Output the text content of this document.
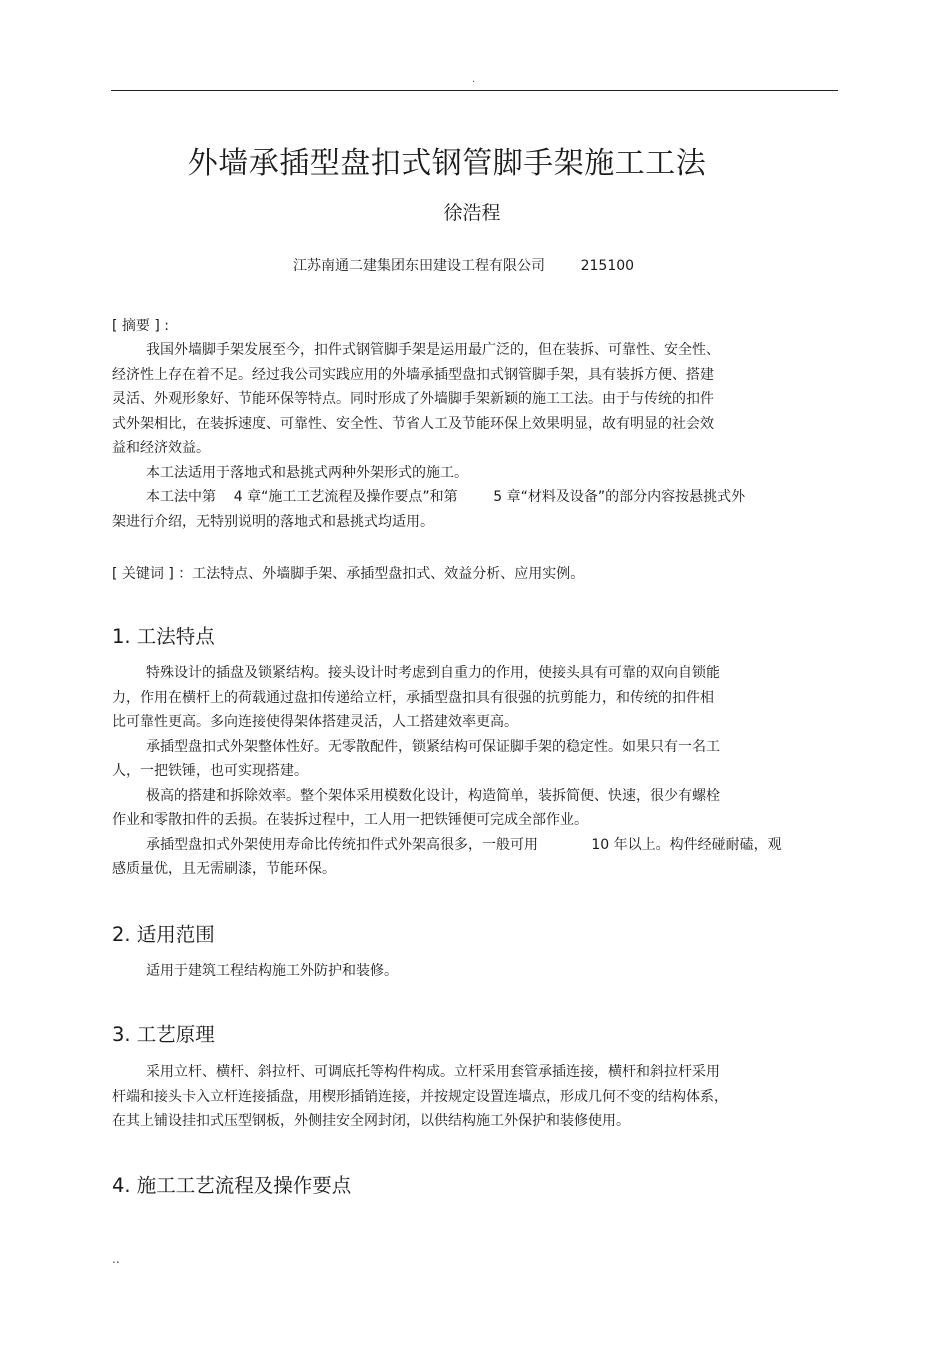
.
外墙承插型盘扣式钢管脚手架施工工法
徐浩程
江苏南通二建集团东田建设工程有限公司	215100
[ 摘要 ] :
我国外墙脚手架发展至今，扣件式钢管脚手架是运用最广泛的，但在装拆、可靠性、安全性、
经济性上存在着不足。经过我公司实践应用的外墙承插型盘扣式钢管脚手架，具有装拆方便、搭建
灵活、外观形象好、节能环保等特点。同时形成了外墙脚手架新颖的施工工法。由于与传统的扣件
式外架相比，在装拆速度、可靠性、安全性、节省人工及节能环保上效果明显，故有明显的社会效
益和经济效益。
本工法适用于落地式和悬挑式两种外架形式的施工。
本工法中第    4 章“施工工艺流程及操作要点”和第        5 章“材料及设备”的部分内容按悬挑式外
架进行介绍，无特别说明的落地式和悬挑式均适用。
[ 关键词 ] ：工法特点、外墙脚手架、承插型盘扣式、效益分析、应用实例。
1. 工法特点
特殊设计的插盘及锁紧结构。接头设计时考虑到自重力的作用，使接头具有可靠的双向自锁能
力，作用在横杆上的荷载通过盘扣传递给立杆，承插型盘扣具有很强的抗剪能力，和传统的扣件相
比可靠性更高。多向连接使得架体搭建灵活，人工搭建效率更高。
承插型盘扣式外架整体性好。无零散配件，锁紧结构可保证脚手架的稳定性。如果只有一名工
人，一把铁锤，也可实现搭建。
极高的搭建和拆除效率。整个架体采用模数化设计，构造简单，装拆简便、快速，很少有螺栓
作业和零散扣件的丢损。在装拆过程中，工人用一把铁锤便可完成全部作业。
承插型盘扣式外架使用寿命比传统扣件式外架高很多，一般可用            10 年以上。构件经碰耐磕，观
感质量优，且无需刷漆，节能环保。
2. 适用范围
适用于建筑工程结构施工外防护和装修。
3. 工艺原理
采用立杆、横杆、斜拉杆、可调底托等构件构成。立杆采用套管承插连接，横杆和斜拉杆采用
杆端和接头卡入立杆连接插盘，用楔形插销连接，并按规定设置连墙点，形成几何不变的结构体系，
在其上铺设挂扣式压型钢板，外侧挂安全网封闭，以供结构施工外保护和装修使用。
4. 施工工艺流程及操作要点
..
